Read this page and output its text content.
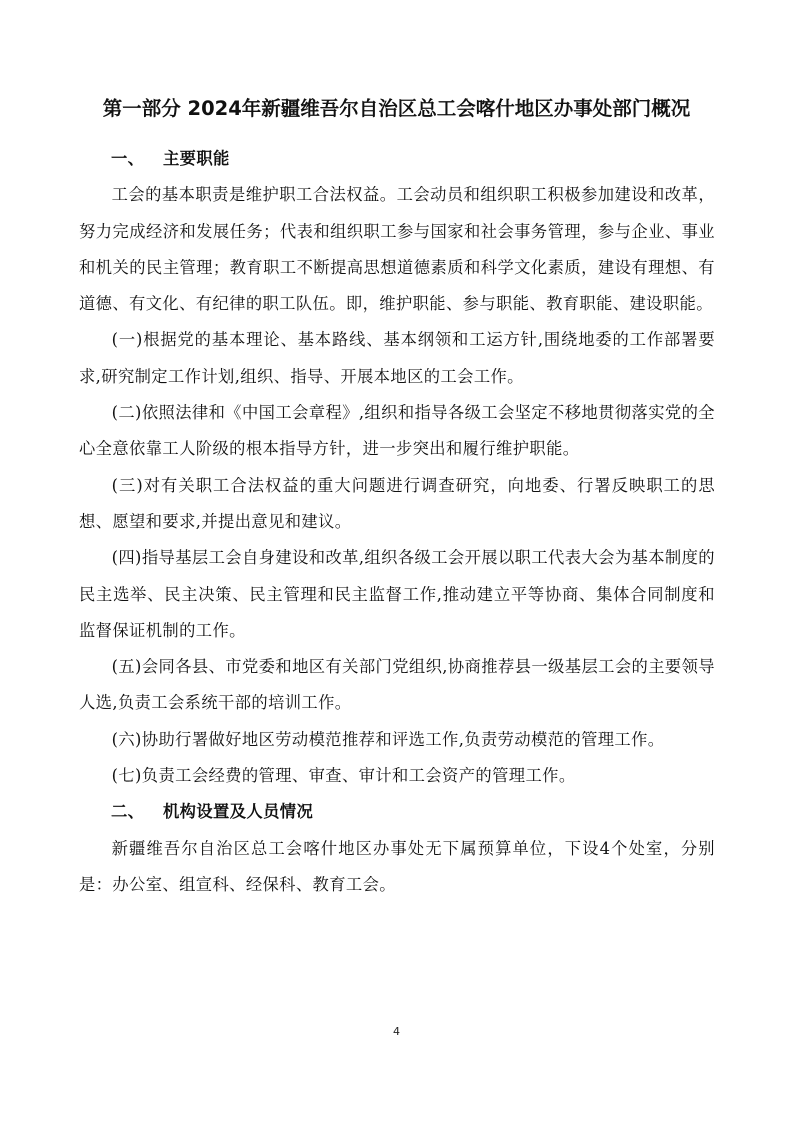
第一部分 2024年新疆维吾尔自治区总工会喀什地区办事处部门概况
一、 主要职能

工会的基本职责是维护职工合法权益。工会动员和组织职工积极参加建设和改革，努力完成经济和发展任务；代表和组织职工参与国家和社会事务管理，参与企业、事业和机关的民主管理；教育职工不断提高思想道德素质和科学文化素质，建设有理想、有道德、有文化、有纪律的职工队伍。即，维护职能、参与职能、教育职能、建设职能。

(一)根据党的基本理论、基本路线、基本纲领和工运方针,围绕地委的工作部署要求,研究制定工作计划,组织、指导、开展本地区的工会工作。

(二)依照法律和《中国工会章程》,组织和指导各级工会坚定不移地贯彻落实党的全心全意依靠工人阶级的根本指导方针，进一步突出和履行维护职能。

(三)对有关职工合法权益的重大问题进行调查研究，向地委、行署反映职工的思想、愿望和要求,并提出意见和建议。

(四)指导基层工会自身建设和改革,组织各级工会开展以职工代表大会为基本制度的民主选举、民主决策、民主管理和民主监督工作,推动建立平等协商、集体合同制度和监督保证机制的工作。

(五)会同各县、市党委和地区有关部门党组织,协商推荐县一级基层工会的主要领导人选,负责工会系统干部的培训工作。

(六)协助行署做好地区劳动模范推荐和评选工作,负责劳动模范的管理工作。

(七)负责工会经费的管理、审查、审计和工会资产的管理工作。

二、 机构设置及人员情况

新疆维吾尔自治区总工会喀什地区办事处无下属预算单位，下设4个处室，分别是：办公室、组宣科、经保科、教育工会。

4
